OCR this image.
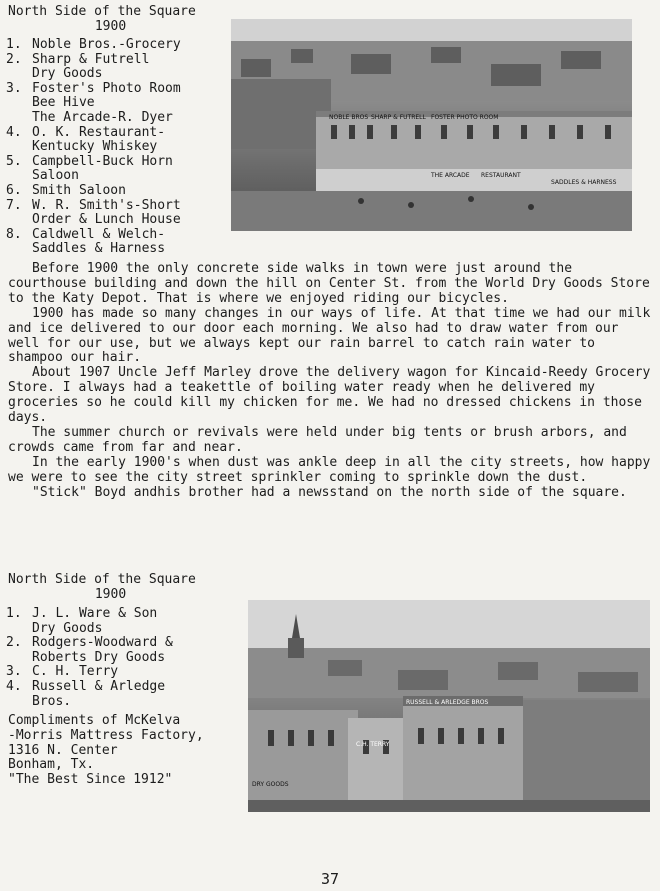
North Side of the Square
1900
1. Noble Bros.-Grocery
2. Sharp & Futrell
Dry Goods
3. Foster's Photo Room
Bee Hive
The Arcade-R. Dyer
4. O. K. Restaurant-
Kentucky Whiskey
5. Campbell-Buck Horn
Saloon
6. Smith Saloon
7. W. R. Smith's-Short
Order & Lunch House
8. Caldwell & Welch-
Saddles & Harness
NOBLE BROS SHARP & FUTRELL FOSTER PHOTO ROOM
THE ARCADE RESTAURANT
SADDLES & HARNESS

Before 1900 the only concrete side walks in town were just around the courthouse building and down the hill on Center St. from the World Dry Goods Store to the Katy Depot. That is where we enjoyed riding our bicycles.

1900 has made so many changes in our ways of life. At that time we had our milk and ice delivered to our door each morning. We also had to draw water from our well for our use, but we always kept our rain barrel to catch rain water to shampoo our hair.

About 1907 Uncle Jeff Marley drove the delivery wagon for Kincaid-Reedy Grocery Store. I always had a teakettle of boiling water ready when he delivered my groceries so he could kill my chicken for me. We had no dressed chickens in those days.

The summer church or revivals were held under big tents or brush arbors, and crowds came from far and near.

In the early 1900's when dust was ankle deep in all the city streets, how happy we were to see the city street sprinkler coming to sprinkle down the dust.

"Stick" Boyd andhis brother had a newsstand on the north side of the square.

North Side of the Square
1900
1. J. L. Ware & Son
Dry Goods
2. Rodgers-Woodward &
Roberts Dry Goods
3. C. H. Terry
4. Russell & Arledge
Bros.
Compliments of McKelva
-Morris Mattress Factory, 1316 N. Center
Bonham, Tx.
"The Best Since 1912"
C.H. TERRY
RUSSELL & ARLEDGE BROS
DRY GOODS
37
